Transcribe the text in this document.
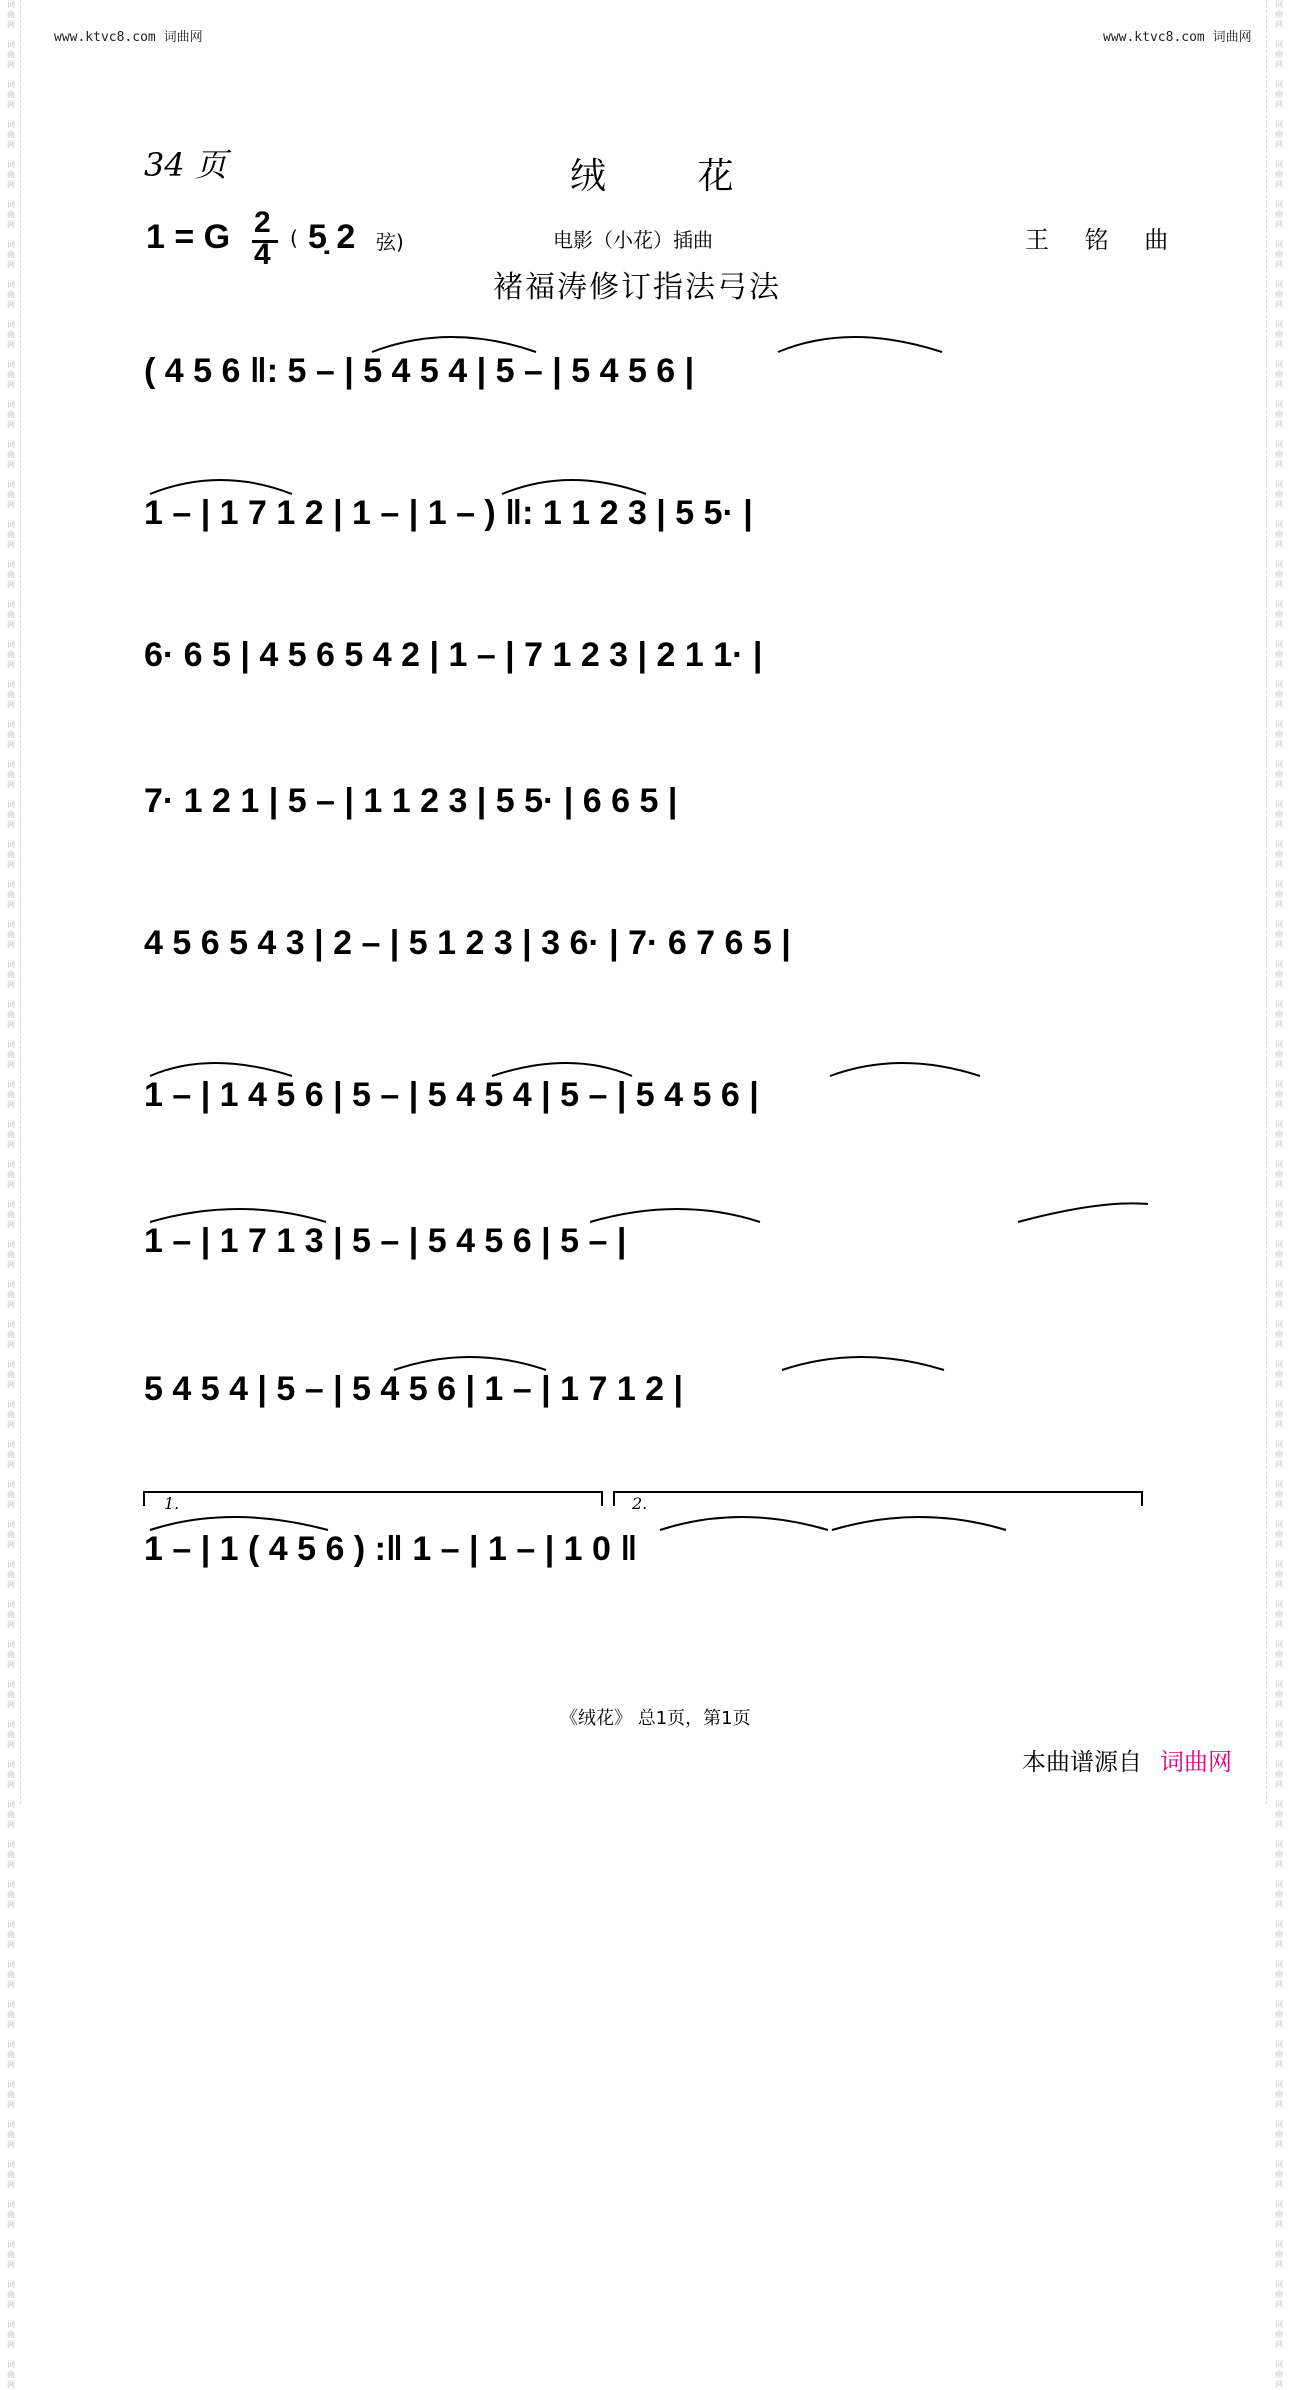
词
曲
网

词
曲
网

词
曲
网

词
曲
网

词
曲
网

词
曲
网

词
曲
网

词
曲
网

词
曲
网

词
曲
网

词
曲
网

词
曲
网

词
曲
网

词
曲
网

词
曲
网

词
曲
网

词
曲
网

词
曲
网

词
曲
网

词
曲
网

词
曲
网

词
曲
网

词
曲
网

词
曲
网

词
曲
网

词
曲
网

词
曲
网

词
曲
网

词
曲
网

词
曲
网

词
曲
网

词
曲
网

词
曲
网

词
曲
网

词
曲
网

词
曲
网

词
曲
网

词
曲
网

词
曲
网

词
曲
网

词
曲
网

词
曲
网

词
曲
网

词
曲
网

词
曲
网

词
曲
网

词
曲
网

词
曲
网

词
曲
网

词
曲
网

词
曲
网

词
曲
网

词
曲
网

词
曲
网

词
曲
网

词
曲
网

词
曲
网

词
曲
网

词
曲
网

词
曲
网

词
曲
网

词
曲
网

词
曲
网

词
曲
网

词
曲
网

词
曲
网

词
曲
网

词
曲
网

词
曲
网

词
曲
网

词
曲
网

词
曲
网

词
曲
网

词
曲
网

词
曲
网

词
曲
网

词
曲
网

词
曲
网

词
曲
网

词
曲
网

词
曲
网

词
曲
网

词
曲
网

词
曲
网

词
曲
网

词
曲
网

词
曲
网

词
曲
网

词
曲
网

词
曲
网

词
曲
网

词
曲
网

词
曲
网

词
曲
网

词
曲
网

词
曲
网

词
曲
网

词
曲
网

词
曲
网

词
曲
网

词
曲
网

词
曲
网

词
曲
网

词
曲
网

词
曲
网

词
曲
网

词
曲
网

词
曲
网

词
曲
网

词
曲
网

词
曲
网

词
曲
网

词
曲
网

词
曲
网

词
曲
网

词
曲
网

词
曲
网

词
曲
网

词
曲
网

词
曲
网

www.ktvc8.com 词曲网	www.ktvc8.com 词曲网
34 页	绒 花
1 = G 2
4 ( 5̣ 2 弦)	电影（小花）插曲	王 铭 曲
褚福涛修订指法弓法
( 4 5 6 ‖: 5 – | 5 4 5 4 | 5 – | 5 4 5 6 |
1 – | 1 7 1 2 | 1 – | 1 – ) ‖: 1 1 2 3 | 5 5· |
6· 6 5 | 4 5 6 5 4 2 | 1 – | 7 1 2 3 | 2 1 1· |
7· 1 2 1 | 5 – | 1 1 2 3 | 5 5· | 6 6 5 |
4 5 6 5 4 3 | 2 – | 5 1 2 3 | 3 6· | 7· 6 7 6 5 |
1 – | 1 4 5 6 | 5 – | 5 4 5 4 | 5 – | 5 4 5 6 |
1 – | 1 7 1 3 | 5 – | 5 4 5 6 | 5 – |
5 4 5 4 | 5 – | 5 4 5 6 | 1 – | 1 7 1 2 |
1 – | 1 ( 4 5 6 ) :‖ 1 – | 1 – | 1 0 ‖
1.	2.
《绒花》 总1页，第1页
本曲谱源自 词曲网
